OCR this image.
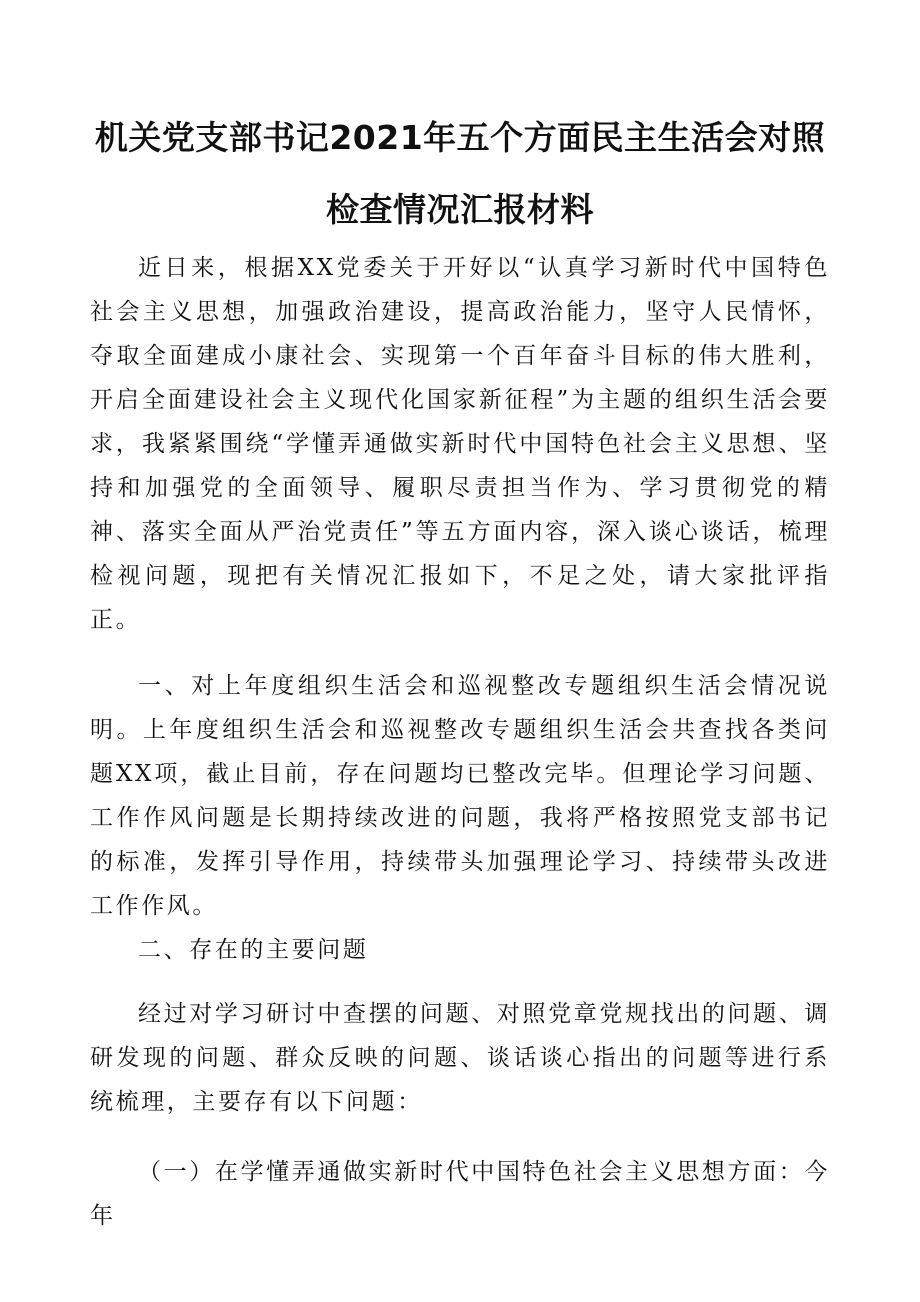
机关党支部书记2021年五个方面民主生活会对照
检查情况汇报材料

近日来，根据XX党委关于开好以“认真学习新时代中国特色社会主义思想，加强政治建设，提高政治能力，坚守人民情怀，夺取全面建成小康社会、实现第一个百年奋斗目标的伟大胜利，开启全面建设社会主义现代化国家新征程”为主题的组织生活会要求，我紧紧围绕“学懂弄通做实新时代中国特色社会主义思想、坚持和加强党的全面领导、履职尽责担当作为、学习贯彻党的精神、落实全面从严治党责任”等五方面内容，深入谈心谈话，梳理检视问题，现把有关情况汇报如下，不足之处，请大家批评指正。

一、对上年度组织生活会和巡视整改专题组织生活会情况说明。上年度组织生活会和巡视整改专题组织生活会共查找各类问题XX项，截止目前，存在问题均已整改完毕。但理论学习问题、工作作风问题是长期持续改进的问题，我将严格按照党支部书记的标准，发挥引导作用，持续带头加强理论学习、持续带头改进工作作风。

二、存在的主要问题

经过对学习研讨中查摆的问题、对照党章党规找出的问题、调研发现的问题、群众反映的问题、谈话谈心指出的问题等进行系统梳理，主要存有以下问题：

（一）在学懂弄通做实新时代中国特色社会主义思想方面：今年
